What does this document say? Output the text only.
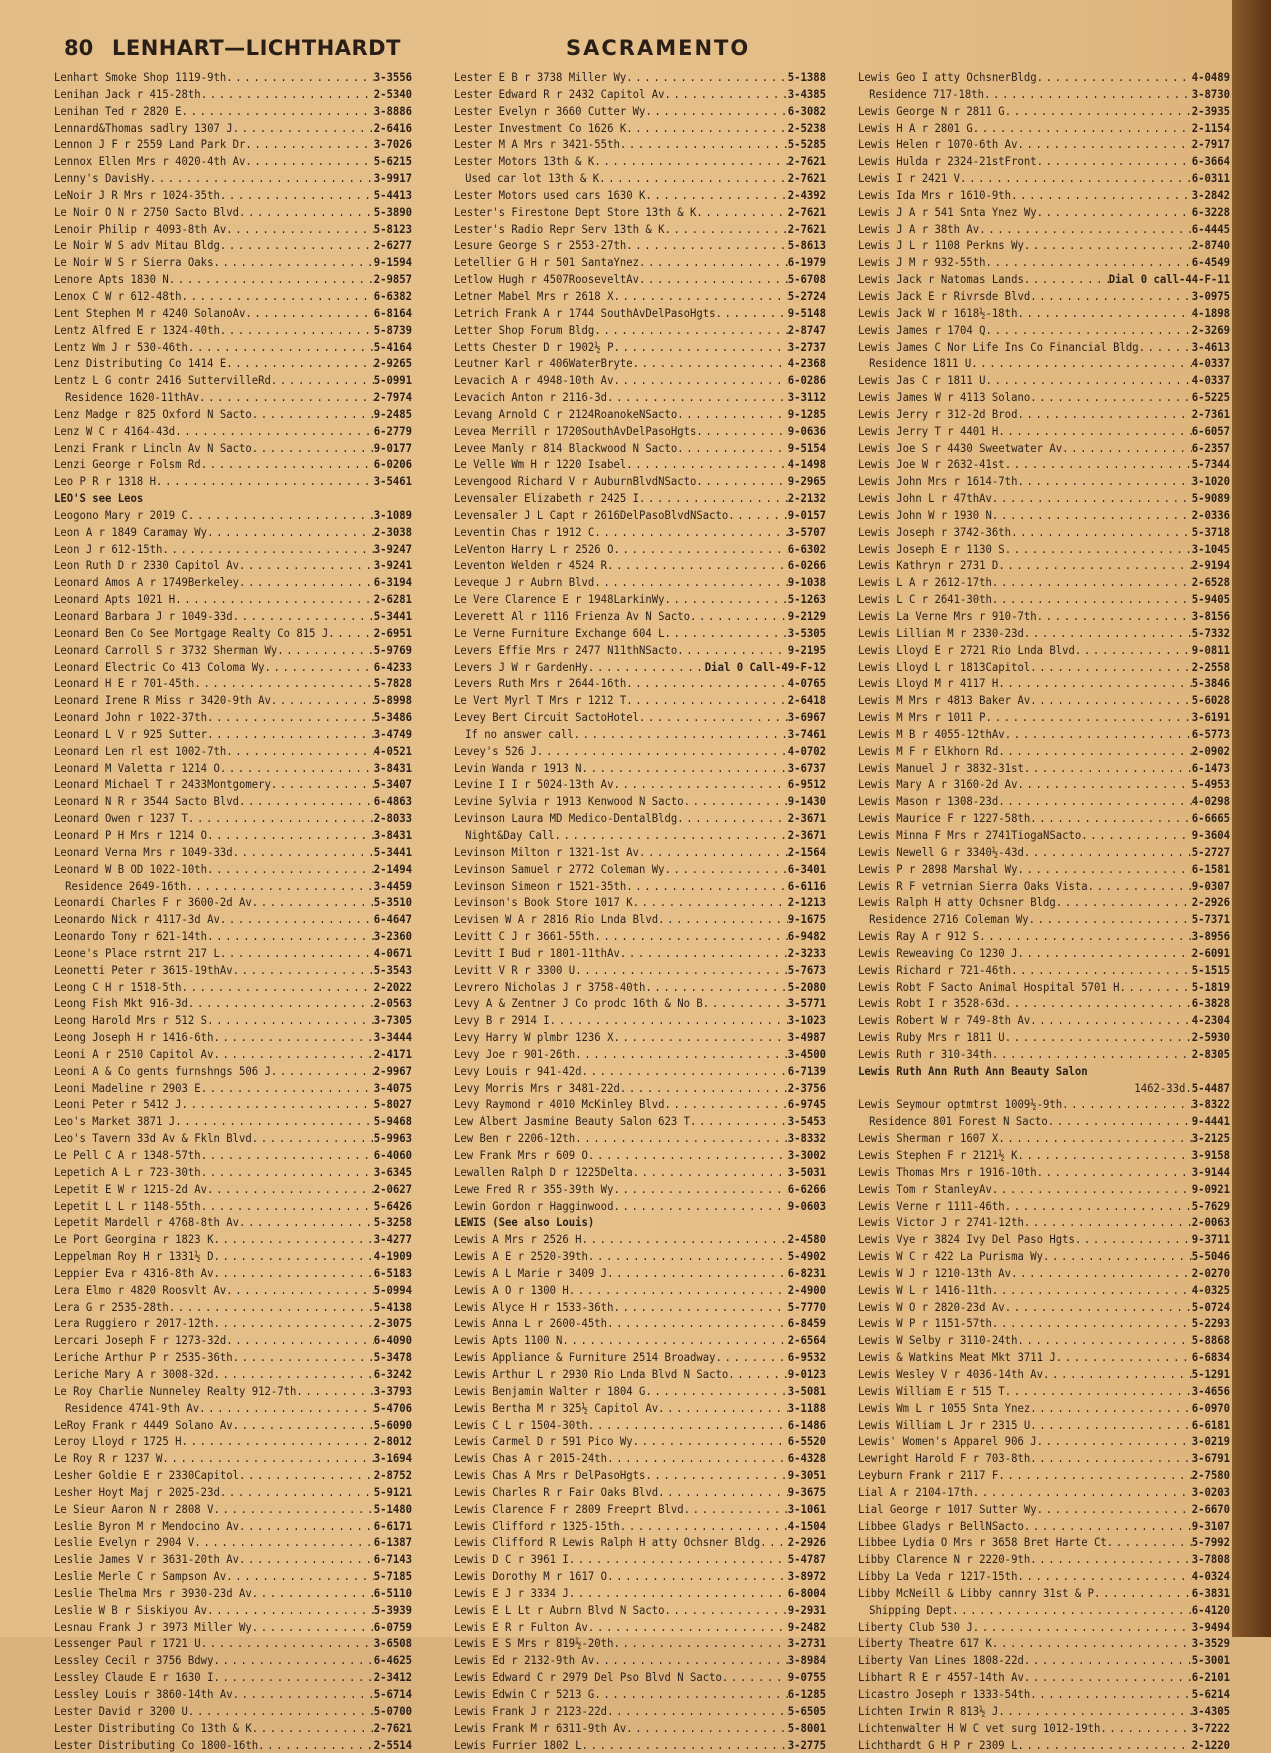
80 LENHART—LICHTHARDT	SACRAMENTO
Lenhart Smoke Shop 1119-9th . . .	3-3556
Lenihan Jack r 415-28th . . .	2-5340
Lenihan Ted r 2820 E . . .	3-8886
Lennard&Thomas sadlry 1307 J . . .	2-6416
Lennon J F r 2559 Land Park Dr . . .	3-7026
Lennox Ellen Mrs r 4020-4th Av . . .	5-6215
Lenny's DavisHy . . .	3-9917
LeNoir J R Mrs r 1024-35th . . .	5-4413
Le Noir O N r 2750 Sacto Blvd . . .	5-3890
Lenoir Philip r 4093-8th Av . . .	5-8123
Le Noir W S adv Mitau Bldg . . .	2-6277
Le Noir W S r Sierra Oaks . . .	9-1594
Lenore Apts 1830 N . . .	2-9857
Lenox C W r 612-48th . . .	6-6382
Lent Stephen M r 4240 SolanoAv . . .	6-8164
Lentz Alfred E r 1324-40th . . .	5-8739
Lentz Wm J r 530-46th . . .	5-4164
Lenz Distributing Co 1414 E . . .	2-9265
Lentz L G contr 2416 SuttervilleRd . . .	5-0991
Residence 1620-11thAv . . .	2-7974
Lenz Madge r 825 Oxford N Sacto . . .	9-2485
Lenz W C r 4164-43d . . .	6-2779
Lenzi Frank r Lincln Av N Sacto . . .	9-0177
Lenzi George r Folsm Rd . . .	6-0206
Leo P R r 1318 H . . .	3-5461
LEO'S see Leos
Leogono Mary r 2019 C . . .	3-1089
Leon A r 1849 Caramay Wy . . .	2-3038
Leon J r 612-15th . . .	3-9247
Leon Ruth D r 2330 Capitol Av . . .	3-9241
Leonard Amos A r 1749Berkeley . . .	6-3194
Leonard Apts 1021 H . . .	2-6281
Leonard Barbara J r 1049-33d . . .	5-3441
Leonard Ben Co See Mortgage Realty Co 815 J . . .	2-6951
Leonard Carroll S r 3732 Sherman Wy . . .	5-9769
Leonard Electric Co 413 Coloma Wy . . .	6-4233
Leonard H E r 701-45th . . .	5-7828
Leonard Irene R Miss r 3420-9th Av . . .	5-8998
Leonard John r 1022-37th . . .	5-3486
Leonard L V r 925 Sutter . . .	3-4749
Leonard Len rl est 1002-7th . . .	4-0521
Leonard M Valetta r 1214 O . . .	3-8431
Leonard Michael T r 2433Montgomery . . .	5-3407
Leonard N R r 3544 Sacto Blvd . . .	6-4863
Leonard Owen r 1237 T . . .	2-8033
Leonard P H Mrs r 1214 O . . .	3-8431
Leonard Verna Mrs r 1049-33d . . .	5-3441
Leonard W B OD 1022-10th . . .	2-1494
Residence 2649-16th . . .	3-4459
Leonardi Charles F r 3600-2d Av . . .	5-3510
Leonardo Nick r 4117-3d Av . . .	6-4647
Leonardo Tony r 621-14th . . .	3-2360
Leone's Place rstrnt 217 L . . .	4-0671
Leonetti Peter r 3615-19thAv . . .	5-3543
Leong C H r 1518-5th . . .	2-2022
Leong Fish Mkt 916-3d . . .	2-0563
Leong Harold Mrs r 512 S . . .	3-7305
Leong Joseph H r 1416-6th . . .	3-3444
Leoni A r 2510 Capitol Av . . .	2-4171
Leoni A & Co gents furnshngs 506 J . . .	2-9967
Leoni Madeline r 2903 E . . .	3-4075
Leoni Peter r 5412 J . . .	5-8027
Leo's Market 3871 J . . .	5-9468
Leo's Tavern 33d Av & Fkln Blvd . . .	5-9963
Le Pell C A r 1348-57th . . .	6-4060
Lepetich A L r 723-30th . . .	3-6345
Lepetit E W r 1215-2d Av . . .	2-0627
Lepetit L L r 1148-55th . . .	5-6426
Lepetit Mardell r 4768-8th Av . . .	5-3258
Le Port Georgina r 1823 K . . .	3-4277
Leppelman Roy H r 1331½ D . . .	4-1909
Leppier Eva r 4316-8th Av . . .	6-5183
Lera Elmo r 4820 Roosvlt Av . . .	5-0994
Lera G r 2535-28th . . .	5-4138
Lera Ruggiero r 2017-12th . . .	2-3075
Lercari Joseph F r 1273-32d . . .	6-4090
Leriche Arthur P r 2535-36th . . .	5-3478
Leriche Mary A r 3008-32d . . .	6-3242
Le Roy Charlie Nunneley Realty 912-7th . . .	3-3793
Residence 4741-9th Av . . .	5-4706
LeRoy Frank r 4449 Solano Av . . .	5-6090
Leroy Lloyd r 1725 H . . .	2-8012
Le Roy R r 1237 W . . .	3-1694
Lesher Goldie E r 2330Capitol . . .	2-8752
Lesher Hoyt Maj r 2025-23d . . .	5-9121
Le Sieur Aaron N r 2808 V . . .	5-1480
Leslie Byron M r Mendocino Av . . .	6-6171
Leslie Evelyn r 2904 V . . .	6-1387
Leslie James V r 3631-20th Av . . .	6-7143
Leslie Merle C r Sampson Av . . .	5-7185
Leslie Thelma Mrs r 3930-23d Av . . .	6-5110
Leslie W B r Siskiyou Av . . .	5-3939
Lesnau Frank J r 3973 Miller Wy . . .	6-0759
Lessenger Paul r 1721 U . . .	3-6508
Lessley Cecil r 3756 Bdwy . . .	6-4625
Lessley Claude E r 1630 I . . .	2-3412
Lessley Louis r 3860-14th Av . . .	5-6714
Lester David r 3200 U . . .	5-0700
Lester Distributing Co 13th & K . . .	2-7621
Lester Distributing Co 1800-16th . . .	2-5514
Lester E B r 3738 Miller Wy . . .	5-1388
Lester Edward R r 2432 Capitol Av . . .	3-4385
Lester Evelyn r 3660 Cutter Wy . . .	6-3082
Lester Investment Co 1626 K . . .	2-5238
Lester M A Mrs r 3421-55th . . .	5-5285
Lester Motors 13th & K . . .	2-7621
Used car lot 13th & K . . .	2-7621
Lester Motors used cars 1630 K . . .	2-4392
Lester's Firestone Dept Store 13th & K . . .	2-7621
Lester's Radio Repr Serv 13th & K . . .	2-7621
Lesure George S r 2553-27th . . .	5-8613
Letellier G H r 501 SantaYnez . . .	6-1979
Letlow Hugh r 4507RooseveltAv . . .	5-6708
Letner Mabel Mrs r 2618 X . . .	5-2724
Letrich Frank A r 1744 SouthAvDelPasoHgts . . .	9-5148
Letter Shop Forum Bldg . . .	2-8747
Letts Chester D r 1902½ P . . .	3-2737
Leutner Karl r 406WaterBryte . . .	4-2368
Levacich A r 4948-10th Av . . .	6-0286
Levacich Anton r 2116-3d . . .	3-3112
Levang Arnold C r 2124RoanokeNSacto . . .	9-1285
Levea Merrill r 1720SouthAvDelPasoHgts . . .	9-0636
Levee Manly r 814 Blackwood N Sacto . . .	9-5154
Le Velle Wm H r 1220 Isabel . . .	4-1498
Levengood Richard V r AuburnBlvdNSacto . . .	9-2965
Levensaler Elizabeth r 2425 I . . .	2-2132
Levensaler J L Capt r 2616DelPasoBlvdNSacto . . .	9-0157
Leventin Chas r 1912 C . . .	3-5707
LeVenton Harry L r 2526 O . . .	6-6302
Leventon Welden r 4524 R . . .	6-0266
Leveque J r Aubrn Blvd . . .	9-1038
Le Vere Clarence E r 1948LarkinWy . . .	5-1263
Leverett Al r 1116 Frienza Av N Sacto . . .	9-2129
Le Verne Furniture Exchange 604 L . . .	3-5305
Levers Effie Mrs r 2477 N11thNSacto . . .	9-2195
Levers J W r GardenHy . . .	Dial 0 Call-49-F-12
Levers Ruth Mrs r 2644-16th . . .	4-0765
Le Vert Myrl T Mrs r 1212 T . . .	2-6418
Levey Bert Circuit SactoHotel . . .	3-6967
If no answer call . . .	3-7461
Levey's 526 J . . .	4-0702
Levin Wanda r 1913 N . . .	3-6737
Levine I I r 5024-13th Av . . .	6-9512
Levine Sylvia r 1913 Kenwood N Sacto . . .	9-1430
Levinson Laura MD Medico-DentalBldg . . .	2-3671
Night&Day Call . . .	2-3671
Levinson Milton r 1321-1st Av . . .	2-1564
Levinson Samuel r 2772 Coleman Wy . . .	6-3401
Levinson Simeon r 1521-35th . . .	6-6116
Levinson's Book Store 1017 K . . .	2-1213
Levisen W A r 2816 Rio Lnda Blvd . . .	9-1675
Levitt C J r 3661-55th . . .	6-9482
Levitt I Bud r 1801-11thAv . . .	2-3233
Levitt V R r 3300 U . . .	5-7673
Levrero Nicholas J r 3758-40th . . .	5-2080
Levy A & Zentner J Co prodc 16th & No B . . .	3-5771
Levy B r 2914 I . . .	3-1023
Levy Harry W plmbr 1236 X . . .	3-4987
Levy Joe r 901-26th . . .	3-4500
Levy Louis r 941-42d . . .	6-7139
Levy Morris Mrs r 3481-22d . . .	2-3756
Levy Raymond r 4010 McKinley Blvd . . .	6-9745
Lew Albert Jasmine Beauty Salon 623 T . . .	3-5453
Lew Ben r 2206-12th . . .	3-8332
Lew Frank Mrs r 609 O . . .	3-3002
Lewallen Ralph D r 1225Delta . . .	3-5031
Lewe Fred R r 355-39th Wy . . .	6-6266
Lewin Gordon r Hagginwood . . .	9-0603
LEWIS (See also Louis)
Lewis A Mrs r 2526 H . . .	2-4580
Lewis A E r 2520-39th . . .	5-4902
Lewis A L Marie r 3409 J . . .	6-8231
Lewis A O r 1300 H . . .	2-4900
Lewis Alyce H r 1533-36th . . .	5-7770
Lewis Anna L r 2600-45th . . .	6-8459
Lewis Apts 1100 N . . .	2-6564
Lewis Appliance & Furniture 2514 Broadway . . .	6-9532
Lewis Arthur L r 2930 Rio Lnda Blvd N Sacto . . .	9-0123
Lewis Benjamin Walter r 1804 G . . .	3-5081
Lewis Bertha M r 325½ Capitol Av . . .	3-1188
Lewis C L r 1504-30th . . .	6-1486
Lewis Carmel D r 591 Pico Wy . . .	6-5520
Lewis Chas A r 2015-24th . . .	6-4328
Lewis Chas A Mrs r DelPasoHgts . . .	9-3051
Lewis Charles R r Fair Oaks Blvd . . .	9-3675
Lewis Clarence F r 2809 Freeprt Blvd . . .	3-1061
Lewis Clifford r 1325-15th . . .	4-1504
Lewis Clifford R Lewis Ralph H atty Ochsner Bldg . . . 2-2926
Lewis D C r 3961 I . . .	5-4787
Lewis Dorothy M r 1617 O . . .	3-8972
Lewis E J r 3334 J . . .	6-8004
Lewis E L Lt r Aubrn Blvd N Sacto . . .	9-2931
Lewis E R r Fulton Av . . .	9-2482
Lewis E S Mrs r 819½-20th . . .	3-2731
Lewis Ed r 2132-9th Av . . .	3-8984
Lewis Edward C r 2979 Del Pso Blvd N Sacto . . .	9-0755
Lewis Edwin C r 5213 G . . .	6-1285
Lewis Frank J r 2123-22d . . .	5-6505
Lewis Frank M r 6311-9th Av . . .	5-8001
Lewis Furrier 1802 L . . .	3-2775
Lewis Geo I atty OchsnerBldg . . .	4-0489
Residence 717-18th . . .	3-8730
Lewis George N r 2811 G . . .	2-3935
Lewis H A r 2801 G . . .	2-1154
Lewis Helen r 1070-6th Av . . .	2-7917
Lewis Hulda r 2324-21stFront . . .	6-3664
Lewis I r 2421 V . . .	6-0311
Lewis Ida Mrs r 1610-9th . . .	3-2842
Lewis J A r 541 Snta Ynez Wy . . .	6-3228
Lewis J A r 38th Av . . .	6-4445
Lewis J L r 1108 Perkns Wy . . .	2-8740
Lewis J M r 932-55th . . .	6-4549
Lewis Jack r Natomas Lands . . .	Dial 0 call-44-F-11
Lewis Jack E r Rivrsde Blvd . . .	3-0975
Lewis Jack W r 1618½-18th . . .	4-1898
Lewis James r 1704 Q . . .	2-3269
Lewis James C Nor Life Ins Co Financial Bldg . . .	3-4613
Residence 1811 U . . .	4-0337
Lewis Jas C r 1811 U . . .	4-0337
Lewis James W r 4113 Solano . . .	6-5225
Lewis Jerry r 312-2d Brod . . .	2-7361
Lewis Jerry T r 4401 H . . .	6-6057
Lewis Joe S r 4430 Sweetwater Av . . .	6-2357
Lewis Joe W r 2632-41st . . .	5-7344
Lewis John Mrs r 1614-7th . . .	3-1020
Lewis John L r 47thAv . . .	5-9089
Lewis John W r 1930 N . . .	2-0336
Lewis Joseph r 3742-36th . . .	5-3718
Lewis Joseph E r 1130 S . . .	3-1045
Lewis Kathryn r 2731 D . . .	2-9194
Lewis L A r 2612-17th . . .	2-6528
Lewis L C r 2641-30th . . .	5-9405
Lewis La Verne Mrs r 910-7th . . .	3-8156
Lewis Lillian M r 2330-23d . . .	5-7332
Lewis Lloyd E r 2721 Rio Lnda Blvd . . .	9-0811
Lewis Lloyd L r 1813Capitol . . .	2-2558
Lewis Lloyd M r 4117 H . . .	5-3846
Lewis M Mrs r 4813 Baker Av . . .	5-6028
Lewis M Mrs r 1011 P . . .	3-6191
Lewis M B r 4055-12thAv . . .	6-5773
Lewis M F r Elkhorn Rd . . .	2-0902
Lewis Manuel J r 3832-31st . . .	6-1473
Lewis Mary A r 3160-2d Av . . .	5-4953
Lewis Mason r 1308-23d . . .	4-0298
Lewis Maurice F r 1227-58th . . .	6-6665
Lewis Minna F Mrs r 2741TiogaNSacto . . .	9-3604
Lewis Newell G r 3340½-43d . . .	5-2727
Lewis P r 2898 Marshal Wy . . .	6-1581
Lewis R F vetrnian Sierra Oaks Vista . . .	9-0307
Lewis Ralph H atty Ochsner Bldg . . .	2-2926
Residence 2716 Coleman Wy . . .	5-7371
Lewis Ray A r 912 S . . .	3-8956
Lewis Reweaving Co 1230 J . . .	2-6091
Lewis Richard r 721-46th . . .	5-1515
Lewis Robt F Sacto Animal Hospital 5701 H . . .	5-1819
Lewis Robt I r 3528-63d . . .	6-3828
Lewis Robert W r 749-8th Av . . .	4-2304
Lewis Ruby Mrs r 1811 U . . .	2-5930
Lewis Ruth r 310-34th . . .	2-8305
Lewis Ruth Ann Ruth Ann Beauty Salon
1462-33d . 5-4487
Lewis Seymour optmtrst 1009½-9th . . .	3-8322
Residence 801 Forest N Sacto . . .	9-4441
Lewis Sherman r 1607 X . . .	3-2125
Lewis Stephen F r 2121½ K . . .	3-9158
Lewis Thomas Mrs r 1916-10th . . .	3-9144
Lewis Tom r StanleyAv . . .	9-0921
Lewis Verne r 1111-46th . . .	5-7629
Lewis Victor J r 2741-12th . . .	2-0063
Lewis Vye r 3824 Ivy Del Paso Hgts . . .	9-3711
Lewis W C r 422 La Purisma Wy . . .	5-5046
Lewis W J r 1210-13th Av . . .	2-0270
Lewis W L r 1416-11th . . .	4-0325
Lewis W O r 2820-23d Av . . .	5-0724
Lewis W P r 1151-57th . . .	5-2293
Lewis W Selby r 3110-24th . . .	5-8868
Lewis & Watkins Meat Mkt 3711 J . . .	6-6834
Lewis Wesley V r 4036-14th Av . . .	5-1291
Lewis William E r 515 T . . .	3-4656
Lewis Wm L r 1055 Snta Ynez . . .	6-0970
Lewis William L Jr r 2315 U . . .	6-6181
Lewis' Women's Apparel 906 J . . .	3-0219
Lewright Harold F r 703-8th . . .	3-6791
Leyburn Frank r 2117 F . . .	2-7580
Lial A r 2104-17th . . .	3-0203
Lial George r 1017 Sutter Wy . . .	2-6670
Libbee Gladys r BellNSacto . . .	9-3107
Libbee Lydia O Mrs r 3658 Bret Harte Ct . . .	5-7992
Libby Clarence N r 2220-9th . . .	3-7808
Libby La Veda r 1217-15th . . .	4-0324
Libby McNeill & Libby cannry 31st & P . . .	6-3831
Shipping Dept . . .	6-4120
Liberty Club 530 J . . .	3-9494
Liberty Theatre 617 K . . .	3-3529
Liberty Van Lines 1808-22d . . .	5-3001
Libhart R E r 4557-14th Av . . .	6-2101
Licastro Joseph r 1333-54th . . .	5-6214
Lichten Irwin R 813½ J . . .	3-4305
Lichtenwalter H W C vet surg 1012-19th . . .	3-7222
Lichthardt G H P r 2309 L . . .	2-1220
